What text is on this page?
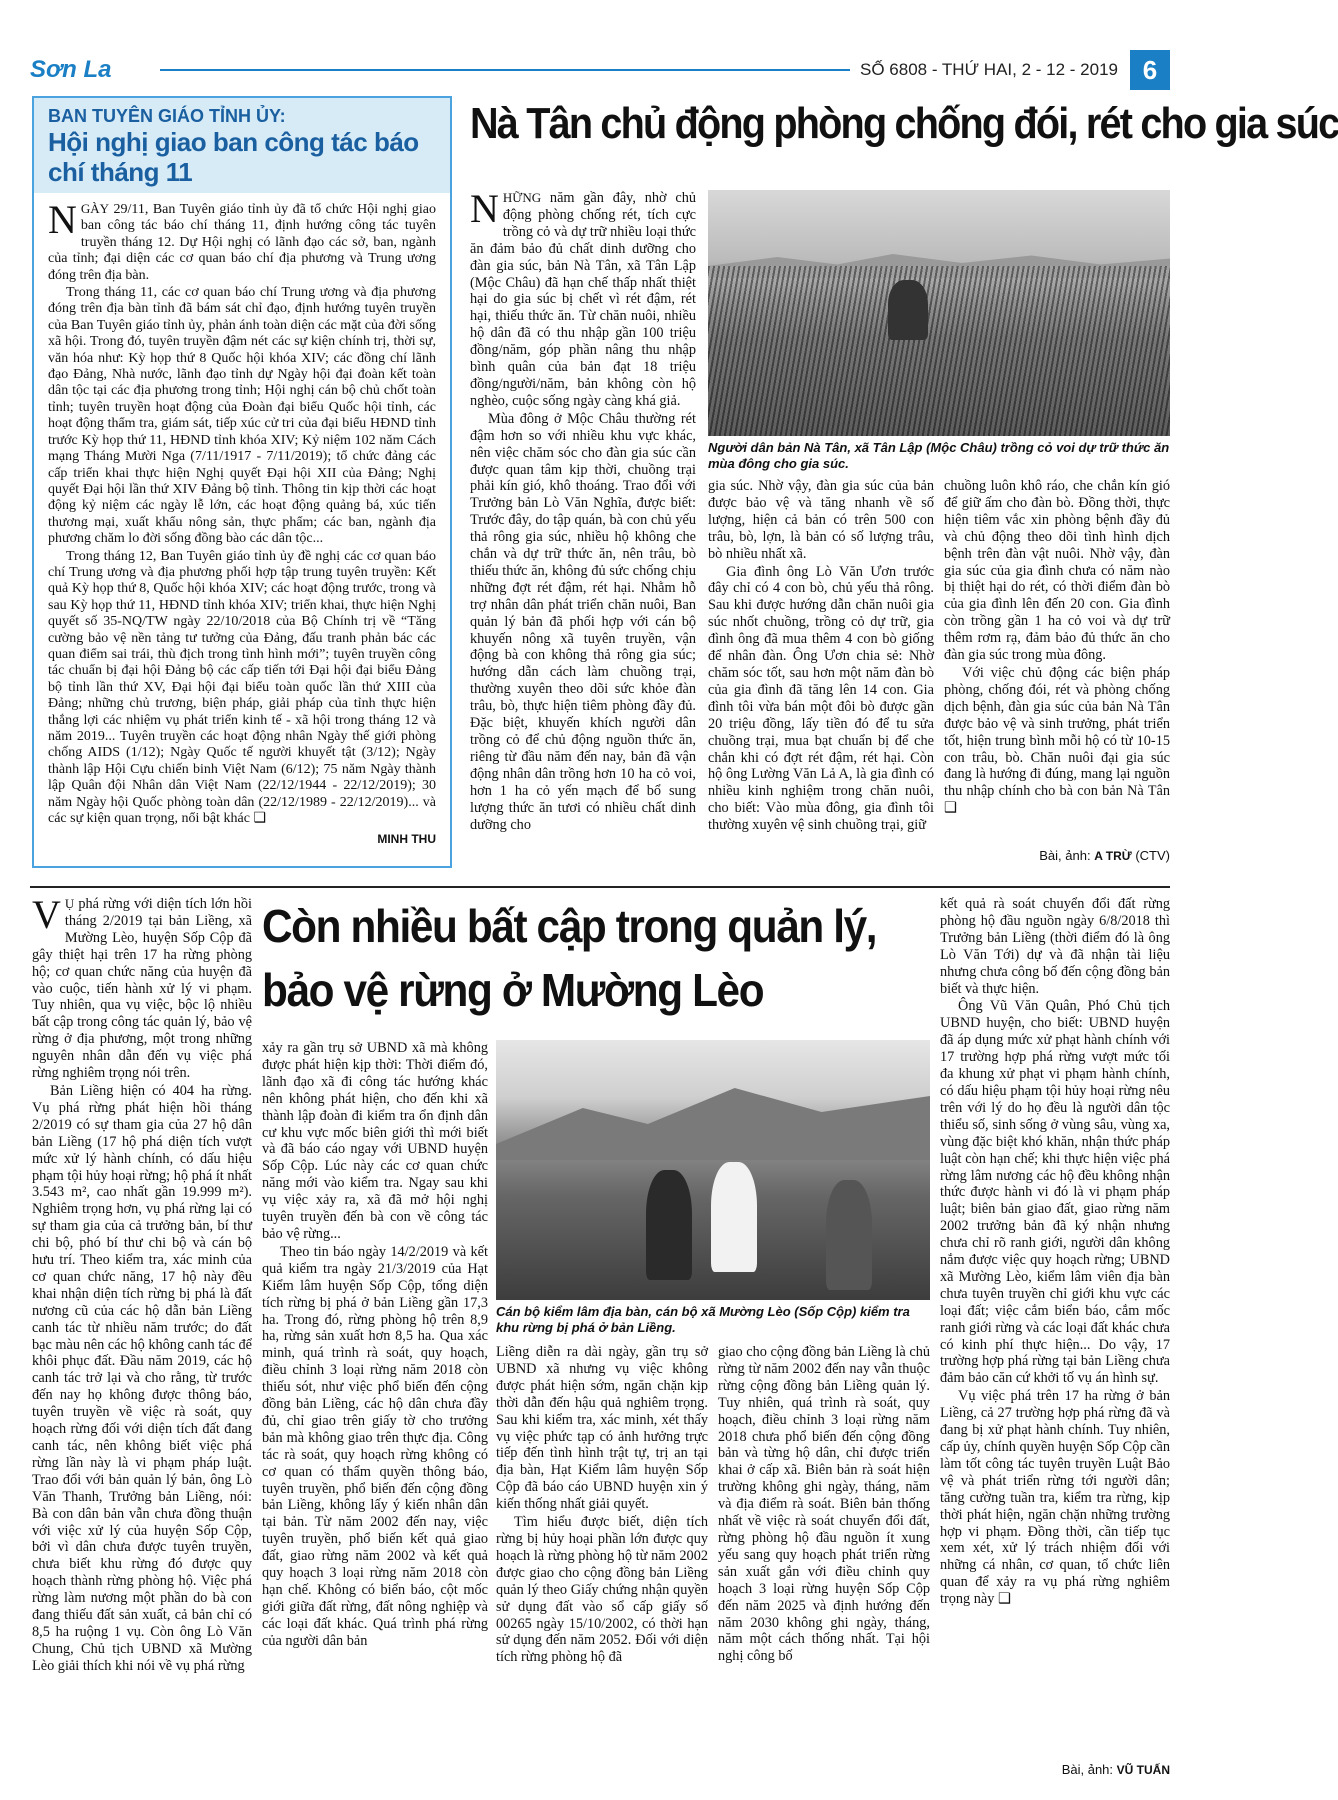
Sơn La	SỐ 6808 - THỨ HAI, 2 - 12 - 2019 6
BAN TUYÊN GIÁO TỈNH ỦY:
Hội nghị giao ban công tác báo chí tháng 11

NGÀY 29/11, Ban Tuyên giáo tỉnh ủy đã tổ chức Hội nghị giao ban công tác báo chí tháng 11, định hướng công tác tuyên truyền tháng 12. Dự Hội nghị có lãnh đạo các sở, ban, ngành của tỉnh; đại diện các cơ quan báo chí địa phương và Trung ương đóng trên địa bàn.

Trong tháng 11, các cơ quan báo chí Trung ương và địa phương đóng trên địa bàn tỉnh đã bám sát chỉ đạo, định hướng tuyên truyền của Ban Tuyên giáo tỉnh ủy, phản ánh toàn diện các mặt của đời sống xã hội. Trong đó, tuyên truyền đậm nét các sự kiện chính trị, thời sự, văn hóa như: Kỳ họp thứ 8 Quốc hội khóa XIV; các đồng chí lãnh đạo Đảng, Nhà nước, lãnh đạo tỉnh dự Ngày hội đại đoàn kết toàn dân tộc tại các địa phương trong tỉnh; Hội nghị cán bộ chủ chốt toàn tỉnh; tuyên truyền hoạt động của Đoàn đại biểu Quốc hội tỉnh, các hoạt động thẩm tra, giám sát, tiếp xúc cử tri của đại biểu HĐND tỉnh trước Kỳ họp thứ 11, HĐND tỉnh khóa XIV; Kỷ niệm 102 năm Cách mạng Tháng Mười Nga (7/11/1917 - 7/11/2019); tổ chức đảng các cấp triển khai thực hiện Nghị quyết Đại hội XII của Đảng; Nghị quyết Đại hội lần thứ XIV Đảng bộ tỉnh. Thông tin kịp thời các hoạt động kỷ niệm các ngày lễ lớn, các hoạt động quảng bá, xúc tiến thương mại, xuất khẩu nông sản, thực phẩm; các ban, ngành địa phương chăm lo đời sống đồng bào các dân tộc...

Trong tháng 12, Ban Tuyên giáo tỉnh ủy đề nghị các cơ quan báo chí Trung ương và địa phương phối hợp tập trung tuyên truyền: Kết quả Kỳ họp thứ 8, Quốc hội khóa XIV; các hoạt động trước, trong và sau Kỳ họp thứ 11, HĐND tỉnh khóa XIV; triển khai, thực hiện Nghị quyết số 35-NQ/TW ngày 22/10/2018 của Bộ Chính trị về “Tăng cường bảo vệ nền tảng tư tưởng của Đảng, đấu tranh phản bác các quan điểm sai trái, thù địch trong tình hình mới”; tuyên truyền công tác chuẩn bị đại hội Đảng bộ các cấp tiến tới Đại hội đại biểu Đảng bộ tỉnh lần thứ XV, Đại hội đại biểu toàn quốc lần thứ XIII của Đảng; những chủ trương, biện pháp, giải pháp của tỉnh thực hiện thắng lợi các nhiệm vụ phát triển kinh tế - xã hội trong tháng 12 và năm 2019... Tuyên truyền các hoạt động nhân Ngày thế giới phòng chống AIDS (1/12); Ngày Quốc tế người khuyết tật (3/12); Ngày thành lập Hội Cựu chiến binh Việt Nam (6/12); 75 năm Ngày thành lập Quân đội Nhân dân Việt Nam (22/12/1944 - 22/12/2019); 30 năm Ngày hội Quốc phòng toàn dân (22/12/1989 - 22/12/2019)... và các sự kiện quan trọng, nổi bật khác ❑

MINH THU
Nà Tân chủ động phòng chống đói, rét cho gia súc

NHỮNG năm gần đây, nhờ chủ động phòng chống rét, tích cực trồng cỏ và dự trữ nhiều loại thức ăn đảm bảo đủ chất dinh dưỡng cho đàn gia súc, bản Nà Tân, xã Tân Lập (Mộc Châu) đã hạn chế thấp nhất thiệt hại do gia súc bị chết vì rét đậm, rét hại, thiếu thức ăn. Từ chăn nuôi, nhiều hộ dân đã có thu nhập gần 100 triệu đồng/năm, góp phần nâng thu nhập bình quân của bản đạt 18 triệu đồng/người/năm, bản không còn hộ nghèo, cuộc sống ngày càng khá giả.

Mùa đông ở Mộc Châu thường rét đậm hơn so với nhiều khu vực khác, nên việc chăm sóc cho đàn gia súc cần được quan tâm kịp thời, chuồng trại phải kín gió, khô thoáng. Trao đổi với Trưởng bản Lò Văn Nghĩa, được biết: Trước đây, do tập quán, bà con chủ yếu thả rông gia súc, nhiều hộ không che chắn và dự trữ thức ăn, nên trâu, bò thiếu thức ăn, không đủ sức chống chịu những đợt rét đậm, rét hại. Nhằm hỗ trợ nhân dân phát triển chăn nuôi, Ban quản lý bản đã phối hợp với cán bộ khuyến nông xã tuyên truyền, vận động bà con không thả rông gia súc; hướng dẫn cách làm chuồng trại, thường xuyên theo dõi sức khỏe đàn trâu, bò, thực hiện tiêm phòng đầy đủ. Đặc biệt, khuyến khích người dân trồng cỏ để chủ động nguồn thức ăn, riêng từ đầu năm đến nay, bản đã vận động nhân dân trồng hơn 10 ha cỏ voi, hơn 1 ha cỏ yến mạch để bổ sung lượng thức ăn tươi có nhiều chất dinh dưỡng cho

Người dân bản Nà Tân, xã Tân Lập (Mộc Châu) trồng cỏ voi dự trữ thức ăn mùa đông cho gia súc.

gia súc. Nhờ vậy, đàn gia súc của bản được bảo vệ và tăng nhanh về số lượng, hiện cả bản có trên 500 con trâu, bò, lợn, là bản có số lượng trâu, bò nhiều nhất xã.

Gia đình ông Lò Văn Ươn trước đây chỉ có 4 con bò, chủ yếu thả rông. Sau khi được hướng dẫn chăn nuôi gia súc nhốt chuồng, trồng cỏ dự trữ, gia đình ông đã mua thêm 4 con bò giống để nhân đàn. Ông Ươn chia sẻ: Nhờ chăm sóc tốt, sau hơn một năm đàn bò của gia đình đã tăng lên 14 con. Gia đình tôi vừa bán một đôi bò được gần 20 triệu đồng, lấy tiền đó để tu sửa chuồng trại, mua bạt chuẩn bị để che chắn khi có đợt rét đậm, rét hại. Còn hộ ông Lường Văn Lả A, là gia đình có nhiều kinh nghiệm trong chăn nuôi, cho biết: Vào mùa đông, gia đình tôi thường xuyên vệ sinh chuồng trại, giữ

chuồng luôn khô ráo, che chắn kín gió để giữ ấm cho đàn bò. Đồng thời, thực hiện tiêm vắc xin phòng bệnh đầy đủ và chủ động theo dõi tình hình dịch bệnh trên đàn vật nuôi. Nhờ vậy, đàn gia súc của gia đình chưa có năm nào bị thiệt hại do rét, có thời điểm đàn bò của gia đình lên đến 20 con. Gia đình còn trồng gần 1 ha cỏ voi và dự trữ thêm rơm rạ, đảm bảo đủ thức ăn cho đàn gia súc trong mùa đông.

Với việc chủ động các biện pháp phòng, chống đói, rét và phòng chống dịch bệnh, đàn gia súc của bản Nà Tân được bảo vệ và sinh trưởng, phát triển tốt, hiện trung bình mỗi hộ có từ 10-15 con trâu, bò. Chăn nuôi đại gia súc đang là hướng đi đúng, mang lại nguồn thu nhập chính cho bà con bản Nà Tân ❑

Bài, ảnh: A TRỪ (CTV)

V Ụ phá rừng với diện tích lớn hồi tháng 2/2019 tại bản Liềng, xã Mường Lèo, huyện Sốp Cộp đã gây thiệt hại trên 17 ha rừng phòng hộ; cơ quan chức năng của huyện đã vào cuộc, tiến hành xử lý vi phạm. Tuy nhiên, qua vụ việc, bộc lộ nhiều bất cập trong công tác quản lý, bảo vệ rừng ở địa phương, một trong những nguyên nhân dẫn đến vụ việc phá rừng nghiêm trọng nói trên.

Bản Liềng hiện có 404 ha rừng. Vụ phá rừng phát hiện hồi tháng 2/2019 có sự tham gia của 27 hộ dân bản Liềng (17 hộ phá diện tích vượt mức xử lý hành chính, có dấu hiệu phạm tội hủy hoại rừng; hộ phá ít nhất 3.543 m², cao nhất gần 19.999 m²). Nghiêm trọng hơn, vụ phá rừng lại có sự tham gia của cả trưởng bản, bí thư chi bộ, phó bí thư chi bộ và cán bộ hưu trí. Theo kiểm tra, xác minh của cơ quan chức năng, 17 hộ này đều khai nhận diện tích rừng bị phá là đất nương cũ của các hộ dẫn bản Liềng canh tác từ nhiều năm trước; do đất bạc màu nên các hộ không canh tác để khôi phục đất. Đầu năm 2019, các hộ canh tác trở lại và cho rằng, từ trước đến nay họ không được thông báo, tuyên truyền về việc rà soát, quy hoạch rừng đối với diện tích đất đang canh tác, nên không biết việc phá rừng lần này là vi phạm pháp luật. Trao đổi với bản quản lý bản, ông Lò Văn Thanh, Trưởng bản Liềng, nói: Bà con dân bản vẫn chưa đồng thuận với việc xử lý của huyện Sốp Cộp, bởi vì dân chưa được tuyên truyền, chưa biết khu rừng đó được quy hoạch thành rừng phòng hộ. Việc phá rừng làm nương một phần do bà con đang thiếu đất sản xuất, cả bản chỉ có 8,5 ha ruộng 1 vụ. Còn ông Lò Văn Chung, Chủ tịch UBND xã Mường Lèo giải thích khi nói về vụ phá rừng

Còn nhiều bất cập trong quản lý, bảo vệ rừng ở Mường Lèo

xảy ra gần trụ sở UBND xã mà không được phát hiện kịp thời: Thời điểm đó, lãnh đạo xã đi công tác hướng khác nên không phát hiện, cho đến khi xã thành lập đoàn đi kiểm tra ổn định dân cư khu vực mốc biên giới thì mới biết và đã báo cáo ngay với UBND huyện Sốp Cộp. Lúc này các cơ quan chức năng mới vào kiểm tra. Ngay sau khi vụ việc xảy ra, xã đã mở hội nghị tuyên truyền đến bà con về công tác bảo vệ rừng...

Theo tin báo ngày 14/2/2019 và kết quả kiểm tra ngày 21/3/2019 của Hạt Kiểm lâm huyện Sốp Cộp, tổng diện tích rừng bị phá ở bản Liềng gần 17,3 ha. Trong đó, rừng phòng hộ trên 8,9 ha, rừng sản xuất hơn 8,5 ha. Qua xác minh, quá trình rà soát, quy hoạch, điều chỉnh 3 loại rừng năm 2018 còn thiếu sót, như việc phổ biến đến cộng đồng bản Liềng, các hộ dân chưa đầy đủ, chỉ giao trên giấy tờ cho trưởng bản mà không giao trên thực địa. Công tác rà soát, quy hoạch rừng không có cơ quan có thẩm quyền thông báo, tuyên truyền, phổ biến đến cộng đồng bản Liềng, không lấy ý kiến nhân dân tại bản. Từ năm 2002 đến nay, việc tuyên truyền, phổ biến kết quả giao đất, giao rừng năm 2002 và kết quả quy hoạch 3 loại rừng năm 2018 còn hạn chế. Không có biển báo, cột mốc giới giữa đất rừng, đất nông nghiệp và các loại đất khác. Quá trình phá rừng của người dân bản

Cán bộ kiểm lâm địa bàn, cán bộ xã Mường Lèo (Sốp Cộp) kiểm tra khu rừng bị phá ở bản Liềng.

Liềng diễn ra dài ngày, gần trụ sở UBND xã nhưng vụ việc không được phát hiện sớm, ngăn chặn kịp thời dẫn đến hậu quả nghiêm trọng. Sau khi kiểm tra, xác minh, xét thấy vụ việc phức tạp có ảnh hưởng trực tiếp đến tình hình trật tự, trị an tại địa bàn, Hạt Kiểm lâm huyện Sốp Cộp đã báo cáo UBND huyện xin ý kiến thống nhất giải quyết.

Tìm hiểu được biết, diện tích rừng bị hủy hoại phần lớn được quy hoạch là rừng phòng hộ từ năm 2002 được giao cho cộng đồng bản Liềng quản lý theo Giấy chứng nhận quyền sử dụng đất vào sổ cấp giấy số 00265 ngày 15/10/2002, có thời hạn sử dụng đến năm 2052. Đối với diện tích rừng phòng hộ đã

giao cho cộng đồng bản Liềng là chủ rừng từ năm 2002 đến nay vẫn thuộc rừng cộng đồng bản Liềng quản lý. Tuy nhiên, quá trình rà soát, quy hoạch, điều chỉnh 3 loại rừng năm 2018 chưa phổ biến đến cộng đồng bản và từng hộ dân, chỉ được triển khai ở cấp xã. Biên bản rà soát hiện trường không ghi ngày, tháng, năm và địa điểm rà soát. Biên bản thống nhất về việc rà soát chuyển đổi đất, rừng phòng hộ đầu nguồn ít xung yếu sang quy hoạch phát triển rừng sản xuất gắn với điều chỉnh quy hoạch 3 loại rừng huyện Sốp Cộp đến năm 2025 và định hướng đến năm 2030 không ghi ngày, tháng, năm một cách thống nhất. Tại hội nghị công bố

kết quả rà soát chuyển đổi đất rừng phòng hộ đầu nguồn ngày 6/8/2018 thì Trưởng bản Liềng (thời điểm đó là ông Lò Văn Tới) dự và đã nhận tài liệu nhưng chưa công bố đến cộng đồng bản biết và thực hiện.

Ông Vũ Văn Quân, Phó Chủ tịch UBND huyện, cho biết: UBND huyện đã áp dụng mức xử phạt hành chính với 17 trường hợp phá rừng vượt mức tối đa khung xử phạt vi phạm hành chính, có dấu hiệu phạm tội hủy hoại rừng nêu trên với lý do họ đều là người dân tộc thiểu số, sinh sống ở vùng sâu, vùng xa, vùng đặc biệt khó khăn, nhận thức pháp luật còn hạn chế; khi thực hiện việc phá rừng lâm nương các hộ đều không nhận thức được hành vi đó là vi phạm pháp luật; biên bản giao đất, giao rừng năm 2002 trưởng bản đã ký nhận nhưng chưa chỉ rõ ranh giới, người dân không nắm được việc quy hoạch rừng; UBND xã Mường Lèo, kiểm lâm viên địa bàn chưa tuyên truyền chỉ giới khu vực các loại đất; việc cắm biển báo, cắm mốc ranh giới rừng và các loại đất khác chưa có kinh phí thực hiện... Do vậy, 17 trường hợp phá rừng tại bản Liềng chưa đảm bảo căn cứ khởi tố vụ án hình sự.

Vụ việc phá trên 17 ha rừng ở bản Liềng, cả 27 trường hợp phá rừng đã và đang bị xử phạt hành chính. Tuy nhiên, cấp ủy, chính quyền huyện Sốp Cộp cần làm tốt công tác tuyên truyền Luật Bảo vệ và phát triển rừng tới người dân; tăng cường tuần tra, kiểm tra rừng, kịp thời phát hiện, ngăn chặn những trường hợp vi phạm. Đồng thời, cần tiếp tục xem xét, xử lý trách nhiệm đối với những cá nhân, cơ quan, tổ chức liên quan để xảy ra vụ phá rừng nghiêm trọng này ❑

Bài, ảnh: VŨ TUẤN
